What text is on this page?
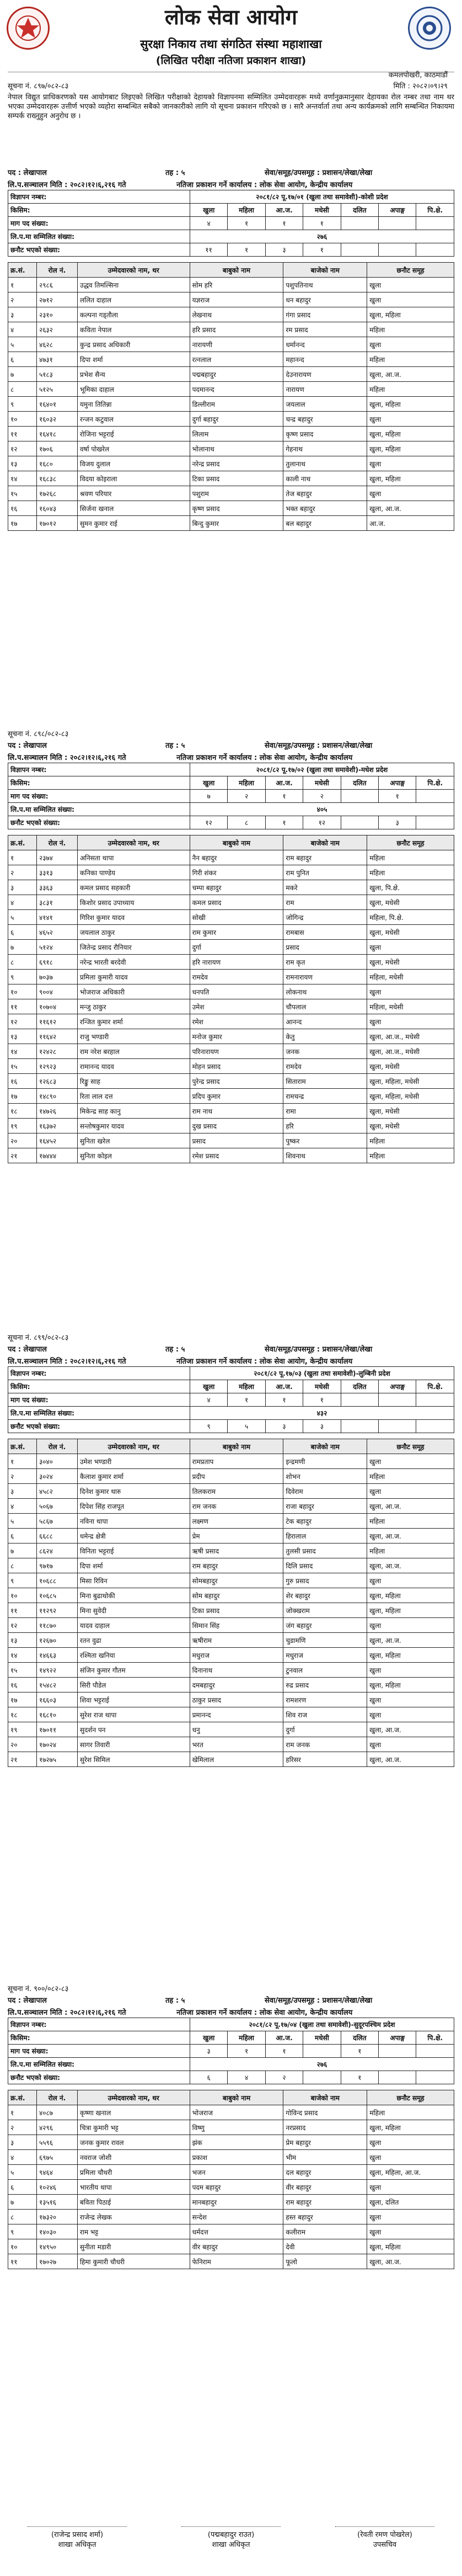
लोक सेवा आयोग
सुरक्षा निकाय तथा संगठित संस्था महाशाखा
(लिखित परीक्षा नतिजा प्रकाशन शाखा)
कमलपोखरी, काठमाडौं
सूचना नं. ८९७/०८२-८३	मिति : २०८२।०९।२९
नेपाल विद्युत प्राधिकरणको यस आयोगबाट लिइएको लिखित परीक्षाको देहायको विज्ञापनमा सम्मिलित उम्मेदवारहरू मध्ये वर्णानुक्रमानुसार देहायका रोल नम्बर तथा नाम थर भएका उम्मेदवारहरू उत्तीर्ण भएको व्यहोरा सम्बन्धित सबैको जानकारीको लागि यो सूचना प्रकाशन गरिएको छ । सारै अन्तर्वार्ता तथा अन्य कार्यक्रमको लागि सम्बन्धित निकायमा सम्पर्क राख्नुहुन अनुरोध छ ।
पद : लेखापाल	तह : ५	सेवा/समूह/उपसमूह : प्रशासन/लेखा/लेखा
लि.प.सञ्चालन मिति : २०८२।१२।६,२१६ गते	नतिजा प्रकाशन गर्ने कार्यालय : लोक सेवा आयोग, केन्द्रीय कार्यालय
विज्ञापन नम्बर:	२०८१/८२ पू.१७/०१ (खुला तथा समावेशी)-कोशी प्रदेश						
किसिम:	खुला	महिला	आ.ज.	मधेसी	दलित	अपाङ्ग	पि.क्षे.
माग पद संख्या:	४	१	१	१			
लि.प.मा सम्मिलित संख्या:	२७६						
छनौट भएको संख्या:	११	१	३	१			
क्र.सं.	रोल नं.	उम्मेदवारको नाम, थर	बाबुको नाम	बाजेको नाम	छनौट समूह
१	२९८६	उद्धव तिमल्सिना	सोम हरि	पशुपतिनाथ	खुला
२	२७१२	ललित दाहाल	यज्ञराज	धन बहादुर	खुला
३	२३१०	कल्पना गड्तौला	लेखनाथ	गंगा प्रसाद	खुला, महिला
४	२६३२	कविता नेपाल	हरि प्रसाद	रम प्रसाद	महिला
५	४६२८	कुन्द्र प्रसाद अधिकारी	नारायणी	धर्मानन्द	खुला
६	४७३१	दिपा शर्मा	रत्नलाल	महानन्द	महिला
७	५१८३	प्रभेश सैन्य	पद्मबहादुर	देउनारायण	खुला, आ.ज.
८	५१२५	भूमिका दाहाल	पदमानन्द	नारायण	महिला
९	१६४०१	यमुना तितिन्ना	डिल्लीराम	जयलाल	खुला, महिला
१०	१६०३२	रन्जन कटुवाल	दुर्गा बहादुर	चन्द्र बहादुर	खुला
११	१६४१८	रोजिना भट्टराई	लिलाम	कृष्ण प्रसाद	खुला, महिला
१२	१७०६	वर्षा पोखरेल	भोलानाथ	गेहनाथ	खुला, महिला
१३	१६८०	विजय दुलाल	नरेन्द्र प्रसाद	तुलानाथ	खुला
१४	१६८३८	विदया कोइराला	टिका प्रसाद	काली नाथ	खुला, महिला
१५	१७२६८	श्रवण परियार	पशुराम	तेज बहादुर	खुला
१६	१६०४३	सिर्जना खनाल	कृष्ण प्रसाद	भक्त बहादुर	खुला, आ.ज.
१७	१७०१२	सुमन कुमार राई	बिन्दु कुमार	बल बहादुर	आ.ज.
सूचना नं. ८९८/०८२-८३
पद : लेखापाल	तह : ५	सेवा/समूह/उपसमूह : प्रशासन/लेखा/लेखा
लि.प.सञ्चालन मिति : २०८२।१२।६,२१६ गते	नतिजा प्रकाशन गर्ने कार्यालय : लोक सेवा आयोग, केन्द्रीय कार्यालय
विज्ञापन नम्बर:	२०८१/८२ पू.१७/०२ (खुला तथा समावेशी)-मधेश प्रदेश						
किसिम:	खुला	महिला	आ.ज.	मधेसी	दलित	अपाङ्ग	पि.क्षे.
माग पद संख्या:	७	२	१	२		१	
लि.प.मा सम्मिलित संख्या:	४०५						
छनौट भएको संख्या:	१२	८	१	१२		३	
क्र.सं.	रोल नं.	उम्मेदवारको नाम, थर	बाबुको नाम	बाजेको नाम	छनौट समूह
१	२३७४	अनिसता थापा	नैन बहादुर	राम बहादुर	महिला
२	३३१३	कनिका पाण्डेय	गिरी शंकर	राम पुनित	महिला
३	३३६३	कमल प्रसाद सहकारी	चम्पा बहादुर	मकरे	खुला, पि.क्षे.
४	३८३१	किशोर प्रसाद उपाध्याय	कमल प्रसाद	राम	खुला, मधेसी
५	४१४१	गिरिश कुमार यादव	सोखी	जोगिन्द्र	महिला, पि.क्षे.
६	४६५२	जयलाल ठाकुर	राम कुमार	रामबास	खुला, मधेसी
७	५१२४	जितेन्द्र प्रसाद रौनियार	दुर्गा	प्रसाद	खुला
८	६९१८	नरेन्द्र भारती बरदेवी	हरि नारायण	राम कृत	खुला, मधेसी
९	७०३७	प्रमिला कुमारी यादव	रामदेव	रामनारायण	महिला, मधेसी
१०	९००४	भोजराज अधिकारी	धनपति	लोकनाथ	खुला
११	१०७०४	मन्जु ठाकुर	उमेश	चौपलाल	महिला, मधेसी
१२	११६१२	रन्जित कुमार शर्मा	रमेश	आनन्द	खुला
१३	११६४२	राजु भण्डारी	मनोज कुमार	केतु	खुला, आ.ज., मधेसी
१४	१२४२८	राम नरेश बरहाल	परिनारायण	जनक	खुला, आ.ज., मधेसी
१५	१२९२३	रामानन्द यादव	मोहन प्रसाद	रामदेव	खुला, मधेसी
१६	१२६८३	रिङ्कु साह	पुरेन्द्र प्रसाद	सिताराम	खुला, महिला, मधेसी
१७	१४८९०	रिता लाल दत्त	प्रदिप कुमार	रामचन्द्र	खुला, महिला, मधेसी
१८	१४७२६	मिकेन्द्र साह कानु	राम नाथ	रामा	खुला, मधेसी
१९	१६३७२	सन्तोषकुमार यादव	दुख प्रसाद	हरि	खुला, मधेसी
२०	१६४५२	सुनिता खरेल	प्रसाद	पुष्कर	महिला
२१	१७४४४	सुनिता कोइल	रमेश प्रसाद	शिवनाथ	महिला
सूचना नं. ८९९/०८२-८३
पद : लेखापाल	तह : ५	सेवा/समूह/उपसमूह : प्रशासन/लेखा/लेखा
लि.प.सञ्चालन मिति : २०८२।१२।६,२१६ गते	नतिजा प्रकाशन गर्ने कार्यालय : लोक सेवा आयोग, केन्द्रीय कार्यालय
विज्ञापन नम्बर:	२०८१/८२ पू.१७/०३ (खुला तथा समावेशी)-लुम्बिनी प्रदेश						
किसिम:	खुला	महिला	आ.ज.	मधेसी	दलित	अपाङ्ग	पि.क्षे.
माग पद संख्या:	४	१	१	१			
लि.प.मा सम्मिलित संख्या:	४३२						
छनौट भएको संख्या:	९	५	३	३			
क्र.सं.	रोल नं.	उम्मेदवारको नाम, थर	बाबुको नाम	बाजेको नाम	छनौट समूह
१	३०४०	उमेश भण्डारी	रामप्रताप	इन्द्रमणी	खुला
२	३०२४	कैलाश कुमार शर्मा	प्रदीप	शोभन	महिला
३	४५८२	दिनेश कुमार थारु	तिलकराम	दिवेराम	खुला
४	५०६७	दिपेश सिंह राजपूत	राम जनक	राजा बहादुर	खुला, आ.ज.
५	५८६७	नविना थापा	लक्ष्मण	टेक बहादुर	महिला
६	६६८८	धमेन्द्र क्षेत्री	प्रेम	हिरालाल	खुला, आ.ज.
७	८६२४	विनिता भट्टराई	ऋषी प्रसाद	तुलसी प्रसाद	महिला
८	९७१७	दिपा शर्मा	राम बहादुर	दिलि प्रसाद	खुला, आ.ज.
९	१०६८८	मिसा रिविन	सोमबहादुर	गुरु प्रसाद	खुला
१०	१०६८५	मिना बुढाथोकी	सोम बहादुर	शेर बहादुर	खुला, महिला
११	११२९२	मिना सुवेदी	टिका प्रसाद	जोक्खराम	खुला, महिला
१२	११८७०	यादव दाहाल	सिमान सिंह	जंग बहादुर	खुला
१३	१२६७०	रतन वुढा	ऋषीराम	चुडामणि	खुला, आ.ज.
१४	१४६६३	रश्मिता खनिया	मधुराज	मधुराज	खुला, महिला
१५	१४९२२	संजिन कुमार गौतम	दिनानाथ	टुनवाल	खुला
१६	१५४८२	सिरी पौडेल	दमबहादुर	रुद्र प्रसाद	खुला, महिला
१७	१६६०३	शिवा भट्टराई	ठाकुर प्रसाद	रामशरण	खुला
१८	१६८१०	सुरेश राज थापा	प्रमानन्द	शिव राज	खुला
१९	१७०११	सुदर्शन पन	धनु	दुर्गा	खुला, आ.ज.
२०	१७०२४	सागर तिवारी	भरत	राम जनक	खुला
२१	१७२७५	सुरेश सिमिल	खेमिलाल	हरिसर	खुला, आ.ज.
सूचना नं. ९००/०८२-८३
पद : लेखापाल	तह : ५	सेवा/समूह/उपसमूह : प्रशासन/लेखा/लेखा
लि.प.सञ्चालन मिति : २०८२।१२।६,२१६ गते	नतिजा प्रकाशन गर्ने कार्यालय : लोक सेवा आयोग, केन्द्रीय कार्यालय
विज्ञापन नम्बर:	२०८१/८२ पू.१७/०४ (खुला तथा समावेशी)-सुदूरपश्चिम प्रदेश						
किसिम:	खुला	महिला	आ.ज.	मधेसी	दलित	अपाङ्ग	पि.क्षे.
माग पद संख्या:	३	१	१		१		
लि.प.मा सम्मिलित संख्या:	२७६						
छनौट भएको संख्या:	६	४	२		१		
क्र.सं.	रोल नं.	उम्मेदवारको नाम, थर	बाबुको नाम	बाजेको नाम	छनौट समूह
१	४०८७	कृष्णा खनाल	भोजराज	गोविन्द प्रसाद	महिला
२	४२९६	चित्रा कुमारी भट्ट	विष्णु	नरप्रसाद	खुला, महिला
३	५५९६	जनक कुमार रावल	झंक	प्रेम बहादुर	खुला
४	६९७५	नवराज जोशी	प्रकाश	भीम	खुला
५	९४६४	प्रमिला चौधरी	भजन	दल बहादुर	खुला, महिला, आ.ज.
६	१०२४६	भारतीय थापा	पदम बहादुर	वीर बहादुर	खुला
७	१३५१६	बविता पिठाई	मानबहादुर	राम बहादुर	खुला, दलित
८	१७३२०	राजेन्द्र लेखक	सन्देश	हस्त बहादुर	खुला
९	१४०३०	राम भट्ट	धर्मदत्त	कलीराम	खुला
१०	१४९५०	सुनीता मडारी	वीर बहादुर	देवी	खुला, महिला
११	१७०२७	हिमा कुमारी चौधरी	फेनिराम	फूलो	खुला, आ.ज.
(राजेन्द्र प्रसाद शर्मा)
शाखा अधिकृत
(पद्मबहादुर राउत)
शाखा अधिकृत
(रेवती रमण पोखरेल)
उपसचिव
